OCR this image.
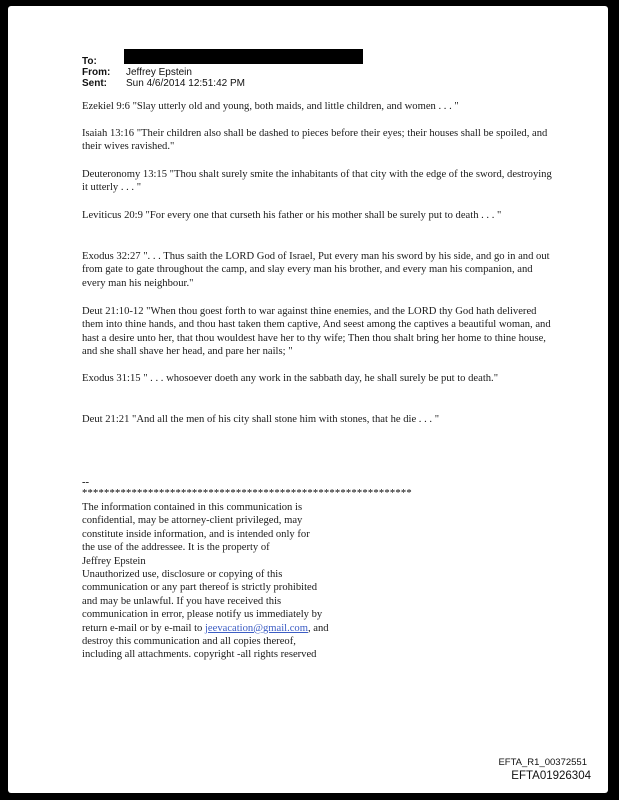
To:
From: Jeffrey Epstein
Sent: Sun 4/6/2014 12:51:42 PM
Ezekiel 9:6 "Slay utterly old and young, both maids, and little children, and women . . . "
Isaiah 13:16 "Their children also shall be dashed to pieces before their eyes; their houses shall be spoiled, and their wives ravished."
Deuteronomy 13:15 "Thou shalt surely smite the inhabitants of that city with the edge of the sword, destroying it utterly . . . "
Leviticus 20:9 "For every one that curseth his father or his mother shall be surely put to death . . . "
Exodus 32:27 ". . . Thus saith the LORD God of Israel, Put every man his sword by his side, and go in and out from gate to gate throughout the camp, and slay every man his brother, and every man his companion, and every man his neighbour."
Deut 21:10-12 "When thou goest forth to war against thine enemies, and the LORD thy God hath delivered them into thine hands, and thou hast taken them captive, And seest among the captives a beautiful woman, and hast a desire unto her, that thou wouldest have her to thy wife; Then thou shalt bring her home to thine house, and she shall shave her head, and pare her nails; "
Exodus 31:15 " . . . whosoever doeth any work in the sabbath day, he shall surely be put to death."
Deut 21:21 "And all the men of his city shall stone him with stones, that he die . . . "
--
************************************************************
The information contained in this communication is
confidential, may be attorney-client privileged, may
constitute inside information, and is intended only for
the use of the addressee. It is the property of
Jeffrey Epstein
Unauthorized use, disclosure or copying of this
communication or any part thereof is strictly prohibited
and may be unlawful. If you have received this
communication in error, please notify us immediately by
return e-mail or by e-mail to jeevacation@gmail.com, and
destroy this communication and all copies thereof,
including all attachments. copyright -all rights reserved
EFTA_R1_00372551
EFTA01926304
